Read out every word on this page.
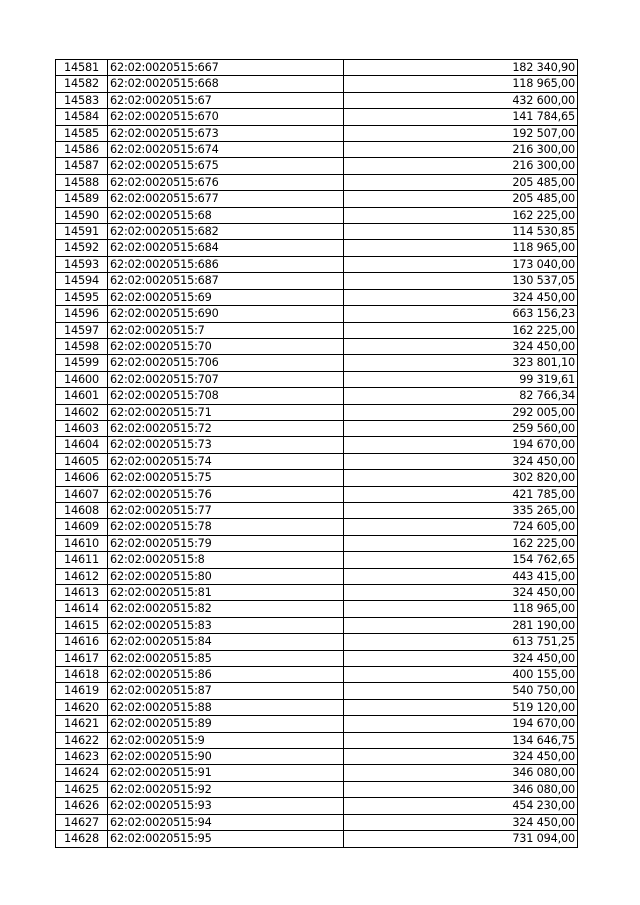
14581	62:02:0020515:667	182 340,90
14582	62:02:0020515:668	118 965,00
14583	62:02:0020515:67	432 600,00
14584	62:02:0020515:670	141 784,65
14585	62:02:0020515:673	192 507,00
14586	62:02:0020515:674	216 300,00
14587	62:02:0020515:675	216 300,00
14588	62:02:0020515:676	205 485,00
14589	62:02:0020515:677	205 485,00
14590	62:02:0020515:68	162 225,00
14591	62:02:0020515:682	114 530,85
14592	62:02:0020515:684	118 965,00
14593	62:02:0020515:686	173 040,00
14594	62:02:0020515:687	130 537,05
14595	62:02:0020515:69	324 450,00
14596	62:02:0020515:690	663 156,23
14597	62:02:0020515:7	162 225,00
14598	62:02:0020515:70	324 450,00
14599	62:02:0020515:706	323 801,10
14600	62:02:0020515:707	99 319,61
14601	62:02:0020515:708	82 766,34
14602	62:02:0020515:71	292 005,00
14603	62:02:0020515:72	259 560,00
14604	62:02:0020515:73	194 670,00
14605	62:02:0020515:74	324 450,00
14606	62:02:0020515:75	302 820,00
14607	62:02:0020515:76	421 785,00
14608	62:02:0020515:77	335 265,00
14609	62:02:0020515:78	724 605,00
14610	62:02:0020515:79	162 225,00
14611	62:02:0020515:8	154 762,65
14612	62:02:0020515:80	443 415,00
14613	62:02:0020515:81	324 450,00
14614	62:02:0020515:82	118 965,00
14615	62:02:0020515:83	281 190,00
14616	62:02:0020515:84	613 751,25
14617	62:02:0020515:85	324 450,00
14618	62:02:0020515:86	400 155,00
14619	62:02:0020515:87	540 750,00
14620	62:02:0020515:88	519 120,00
14621	62:02:0020515:89	194 670,00
14622	62:02:0020515:9	134 646,75
14623	62:02:0020515:90	324 450,00
14624	62:02:0020515:91	346 080,00
14625	62:02:0020515:92	346 080,00
14626	62:02:0020515:93	454 230,00
14627	62:02:0020515:94	324 450,00
14628	62:02:0020515:95	731 094,00
